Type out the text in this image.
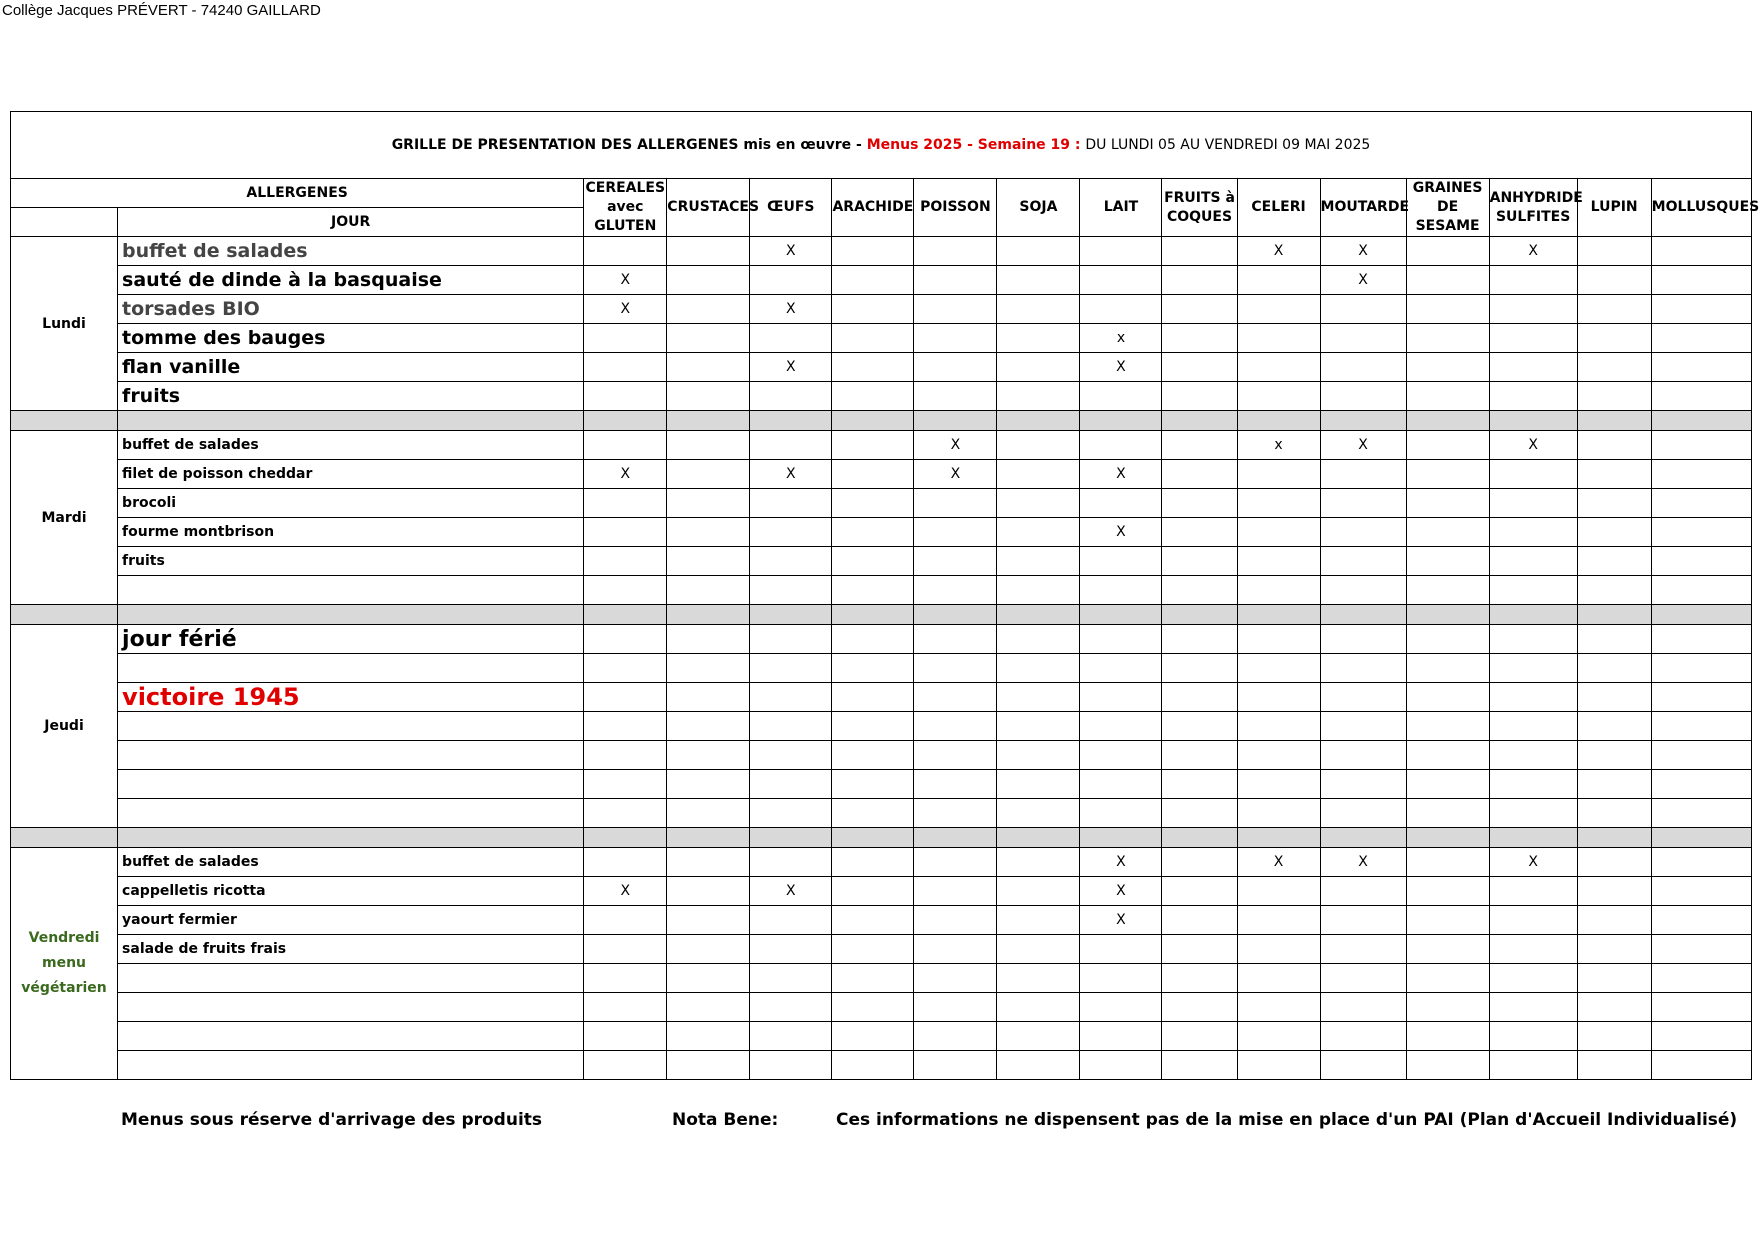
Collège Jacques PRÉVERT - 74240 GAILLARD
GRILLE DE PRESENTATION DES ALLERGENES mis en œuvre - Menus 2025 - Semaine 19 : DU LUNDI 05 AU VENDREDI 09 MAI 2025															
ALLERGENES		CEREALES avec GLUTEN	CRUSTACES	ŒUFS	ARACHIDE	POISSON	SOJA	LAIT	FRUITS à COQUES	CELERI	MOUTARDE	GRAINES DE SESAME	ANHYDRIDE SULFITES	LUPIN	MOLLUSQUES
	JOUR														
Lundi	buffet de salades			X						X	X		X		
	sauté de dinde à la basquaise	X									X				
	torsades BIO	X		X											
	tomme des bauges							x							
	flan vanille			X				X							
	fruits														

Mardi	buffet de salades					X				x	X		X		
	filet de poisson cheddar	X		X		X		X							
	brocoli														
	fourme montbrison							X							
	fruits														

Jeudi	jour férié														

	victoire 1945														

Vendredi menu végétarien	buffet de salades							X		X	X		X		
	cappelletis ricotta	X		X				X							
	yaourt fermier							X							
	salade de fruits frais														

Menus sous réserve d'arrivage des produits	Nota Bene:	Ces informations ne dispensent pas de la mise en place d'un PAI (Plan d'Accueil Individualisé)
